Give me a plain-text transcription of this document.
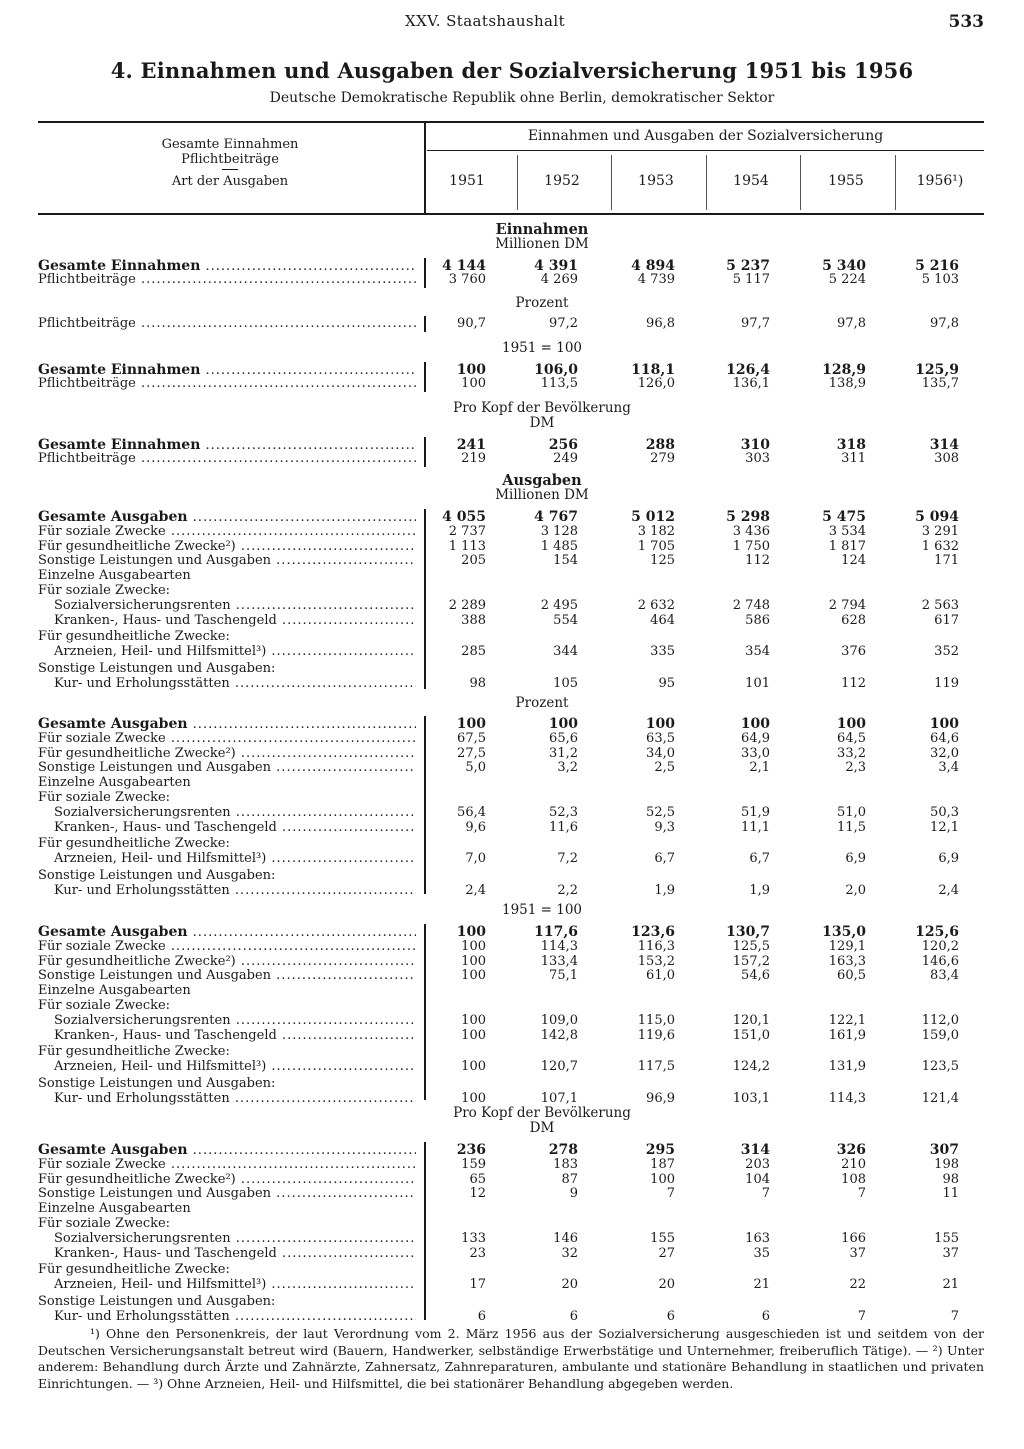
XXV. Staatshaushalt	533
4. Einnahmen und Ausgaben der Sozialversicherung 1951 bis 1956
Deutsche Demokratische Republik ohne Berlin, demokratischer Sektor
Gesamte Einnahmen
Pflichtbeiträge
Art der Ausgaben
Einnahmen und Ausgaben der Sozialversicherung
1951	1952	1953	1954	1955	1956¹)
Einnahmen
Millionen DM
Prozent
1951 = 100
Pro Kopf der Bevölkerung
DM
Ausgaben
Millionen DM
Prozent
1951 = 100
Pro Kopf der Bevölkerung
DM
Gesamte Einnahmen .....	4 144	4 391	4 894	5 237	5 340	5 216
Pflichtbeiträge .....	3 760	4 269	4 739	5 117	5 224	5 103
Pflichtbeiträge .....	90,7	97,2	96,8	97,7	97,8	97,8
Gesamte Einnahmen .....	100	106,0	118,1	126,4	128,9	125,9
Pflichtbeiträge .....	100	113,5	126,0	136,1	138,9	135,7
Gesamte Einnahmen .....	241	256	288	310	318	314
Pflichtbeiträge .....	219	249	279	303	311	308
Gesamte Ausgaben .....	4 055	4 767	5 012	5 298	5 475	5 094
Für soziale Zwecke .....	2 737	3 128	3 182	3 436	3 534	3 291
Für gesundheitliche Zwecke²) .....	1 113	1 485	1 705	1 750	1 817	1 632
Sonstige Leistungen und Ausgaben .....	205	154	125	112	124	171
Einzelne Ausgabearten
Für soziale Zwecke:
Sozialversicherungsrenten .....	2 289	2 495	2 632	2 748	2 794	2 563
Kranken-, Haus- und Taschengeld .....	388	554	464	586	628	617
Für gesundheitliche Zwecke:
Arzneien, Heil- und Hilfsmittel³) .....	285	344	335	354	376	352
Sonstige Leistungen und Ausgaben:
Kur- und Erholungsstätten .....	98	105	95	101	112	119
Gesamte Ausgaben .....	100	100	100	100	100	100
Für soziale Zwecke .....	67,5	65,6	63,5	64,9	64,5	64,6
Für gesundheitliche Zwecke²) .....	27,5	31,2	34,0	33,0	33,2	32,0
Sonstige Leistungen und Ausgaben .....	5,0	3,2	2,5	2,1	2,3	3,4
Einzelne Ausgabearten
Für soziale Zwecke:
Sozialversicherungsrenten .....	56,4	52,3	52,5	51,9	51,0	50,3
Kranken-, Haus- und Taschengeld .....	9,6	11,6	9,3	11,1	11,5	12,1
Für gesundheitliche Zwecke:
Arzneien, Heil- und Hilfsmittel³) .....	7,0	7,2	6,7	6,7	6,9	6,9
Sonstige Leistungen und Ausgaben:
Kur- und Erholungsstätten .....	2,4	2,2	1,9	1,9	2,0	2,4
Gesamte Ausgaben .....	100	117,6	123,6	130,7	135,0	125,6
Für soziale Zwecke .....	100	114,3	116,3	125,5	129,1	120,2
Für gesundheitliche Zwecke²) .....	100	133,4	153,2	157,2	163,3	146,6
Sonstige Leistungen und Ausgaben .....	100	75,1	61,0	54,6	60,5	83,4
Einzelne Ausgabearten
Für soziale Zwecke:
Sozialversicherungsrenten .....	100	109,0	115,0	120,1	122,1	112,0
Kranken-, Haus- und Taschengeld .....	100	142,8	119,6	151,0	161,9	159,0
Für gesundheitliche Zwecke:
Arzneien, Heil- und Hilfsmittel³) .....	100	120,7	117,5	124,2	131,9	123,5
Sonstige Leistungen und Ausgaben:
Kur- und Erholungsstätten .....	100	107,1	96,9	103,1	114,3	121,4
Gesamte Ausgaben .....	236	278	295	314	326	307
Für soziale Zwecke .....	159	183	187	203	210	198
Für gesundheitliche Zwecke²) .....	65	87	100	104	108	98
Sonstige Leistungen und Ausgaben .....	12	9	7	7	7	11
Einzelne Ausgabearten
Für soziale Zwecke:
Sozialversicherungsrenten .....	133	146	155	163	166	155
Kranken-, Haus- und Taschengeld .....	23	32	27	35	37	37
Für gesundheitliche Zwecke:
Arzneien, Heil- und Hilfsmittel³) .....	17	20	20	21	22	21
Sonstige Leistungen und Ausgaben:
Kur- und Erholungsstätten .....	6	6	6	6	7	7

¹) Ohne den Personenkreis, der laut Verordnung vom 2. März 1956 aus der Sozialversicherung ausgeschieden ist und seitdem von der Deutschen Versicherungsanstalt betreut wird (Bauern, Handwerker, selbständige Erwerbstätige und Unternehmer, freiberuflich Tätige). — ²) Unter anderem: Behandlung durch Ärzte und Zahnärzte, Zahnersatz, Zahnreparaturen, ambulante und stationäre Behandlung in staatlichen und privaten Einrichtungen. — ³) Ohne Arzneien, Heil- und Hilfsmittel, die bei stationärer Behandlung abgegeben werden.
